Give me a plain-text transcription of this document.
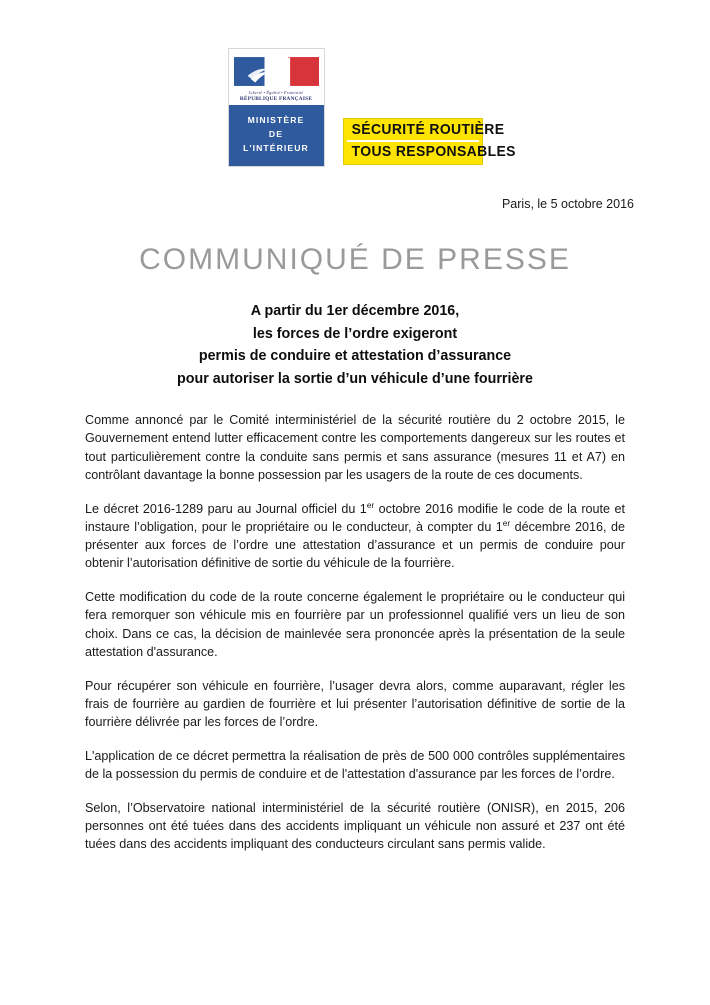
Liberté • Égalité • Fraternité
RÉPUBLIQUE FRANÇAISE
MINISTÈRE
DE
L'INTÉRIEUR
SÉCURITÉ ROUTIÈRE
TOUS RESPONSABLES
Paris, le 5 octobre 2016
COMMUNIQUÉ DE PRESSE
A partir du 1er décembre 2016,
les forces de l’ordre exigeront
permis de conduire et attestation d’assurance
pour autoriser la sortie d’un véhicule d’une fourrière

Comme annoncé par le Comité interministériel de la sécurité routière du 2 octobre 2015, le Gouvernement entend lutter efficacement contre les comportements dangereux sur les routes et tout particulièrement contre la conduite sans permis et sans assurance (mesures 11 et A7) en contrôlant davantage la bonne possession par les usagers de la route de ces documents.

Le décret 2016-1289 paru au Journal officiel du 1er octobre 2016 modifie le code de la route et instaure l’obligation, pour le propriétaire ou le conducteur, à compter du 1er décembre 2016, de présenter aux forces de l’ordre une attestation d’assurance et un permis de conduire pour obtenir l’autorisation définitive de sortie du véhicule de la fourrière.

Cette modification du code de la route concerne également le propriétaire ou le conducteur qui fera remorquer son véhicule mis en fourrière par un professionnel qualifié vers un lieu de son choix. Dans ce cas, la décision de mainlevée sera prononcée après la présentation de la seule attestation d'assurance.

Pour récupérer son véhicule en fourrière, l’usager devra alors, comme auparavant, régler les frais de fourrière au gardien de fourrière et lui présenter l’autorisation définitive de sortie de la fourrière délivrée par les forces de l’ordre.

L'application de ce décret permettra la réalisation de près de 500 000 contrôles supplémentaires de la possession du permis de conduire et de l'attestation d'assurance par les forces de l’ordre.

Selon, l’Observatoire national interministériel de la sécurité routière (ONISR), en 2015, 206 personnes ont été tuées dans des accidents impliquant un véhicule non assuré et 237 ont été tuées dans des accidents impliquant des conducteurs circulant sans permis valide.
